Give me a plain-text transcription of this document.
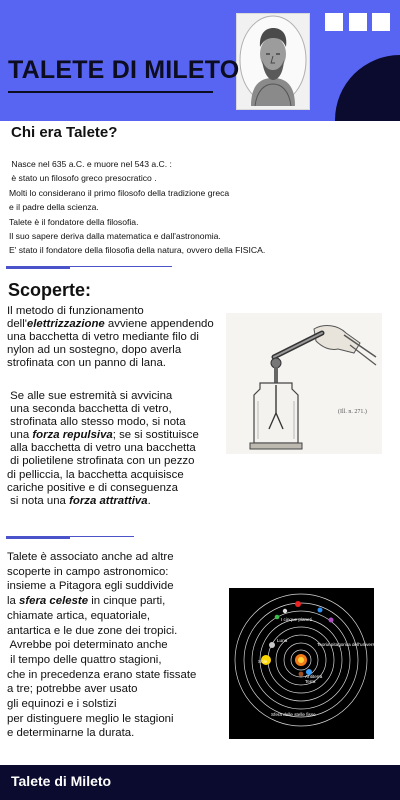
TALETE DI MILETO
Chi era Talete?
Nasce nel 635 a.C. e muore nel 543 a.C. :
è stato un filosofo greco presocratico .
Molti lo considerano il primo filosofo della tradizione greca
e il padre della scienza.
Talete è il fondatore della filosofia.
Il suo sapere deriva dalla matematica e dall'astronomia.
E' stato il fondatore della filosofia della natura, ovvero della FISICA.
Scoperte:
Il metodo di funzionamento
dell'elettrizzazione avviene appendendo
una bacchetta di vetro mediante filo di
nylon ad un sostegno, dopo averla
strofinata con un panno di lana.
Se alle sue estremità si avvicina
una seconda bacchetta di vetro,
strofinata allo stesso modo, si nota
una forza repulsiva; se si sostituisce
alla bacchetta di vetro una bacchetta
di polietilene strofinata con un pezzo
di pelliccia, la bacchetta acquisisce
cariche positive e di conseguenza
si nota una forza attrattiva.
(Ill. n. 271.)
Talete è associato anche ad altre
scoperte in campo astronomico:
insieme a Pitagora egli suddivide
la sfera celeste in cinque parti,
chiamate artica, equatoriale,
antartica e le due zone dei tropici.
Avrebbe poi determinato anche
il tempo delle quattro stagioni,
che in precedenza erano state fissate
a tre; potrebbe aver usato
gli equinozi e i solstizi
per distinguere meglio le stagioni
e determinarne la durata.
I cinque pianeti
Luna
Sole
Teoria pitagorica dell'universo
Antiterra
Terra
Sfera delle stelle fisse
Talete di Mileto
